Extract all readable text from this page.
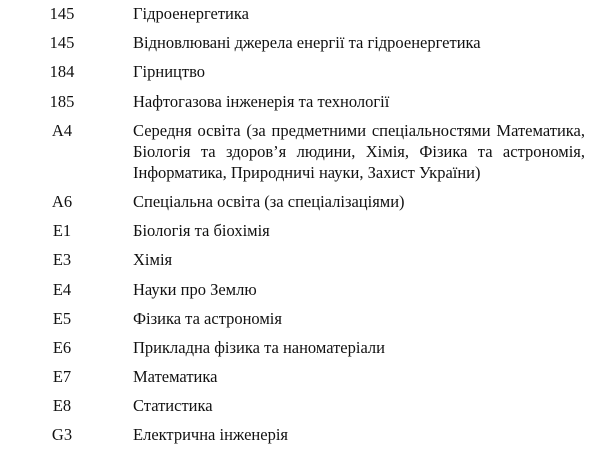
145	Гідроенергетика
145	Відновлювані джерела енергії та гідроенергетика
184	Гірництво
185	Нафтогазова інженерія та технології
A4	Середня освіта (за предметними спеціальностями Математика, Біологія та здоров’я людини, Хімія, Фізика та астрономія, Інформатика, Природничі науки, Захист України)
A6	Спеціальна освіта (за спеціалізаціями)
E1	Біологія та біохімія
E3	Хімія
E4	Науки про Землю
E5	Фізика та астрономія
E6	Прикладна фізика та наноматеріали
E7	Математика
E8	Статистика
G3	Електрична інженерія
